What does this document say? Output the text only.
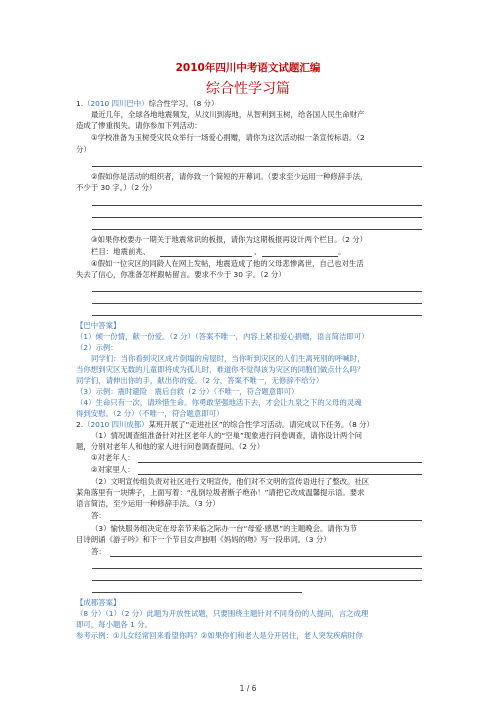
2010年四川中考语文试题汇编
综合性学习篇
1.（2010 四川巴中）综合性学习。（8 分）
最近几年，全球各地地震频发，从汶川到海地，从智利到玉树，给各国人民生命财产
造成了惨重损失。请你参加下列活动：
①学校准备为玉树受灾民众举行一场爱心捐赠，请你为这次活动拟一条宣传标语。（2
分）
②假如你是活动的组织者，请你致一个简短的开幕词。（要求至少运用一种修辞手法，
不少于 30 字。）（2 分）
③如果你校要办一期关于地震常识的板报，请你为这期板报再设计两个栏目。（2 分）
栏目：地震前兆、	、	。
④假如一位灾区的同龄人在网上发帖，地震造成了他的父母悲惨离世，自己也对生活
失去了信心，你准备怎样跟帖留言。要求不少于 30 字。（2 分）
【巴中答案】
（1）倾一份情，献一份爱。（2 分）（答案不唯一，内容上紧扣爱心捐赠，语言简洁即可）
（2）示例：
同学们：当你看到灾区成片倒塌的房屋时，当你听到灾区的人们生离死别的呼喊时，
当你想到灾区无数的儿童即将成为孤儿时，难道你不觉得该为灾区的同胞们做点什么吗？
同学们，请伸出你的手，献出你的爱。（2 分，答案不唯一，无修辞不给分）
（3）示例：震时避险　震后自救（2 分）（不唯一，符合题意即可）
（4）生命只有一次，请珍惜生命。你勇敢坚强地活下去，才会让九泉之下的父母的灵魂
得到安慰。（2 分）（不唯一，符合题意即可）
2.（2010 四川成都）某班开展了“走进社区”的综合性学习活动。请完成以下任务。（8 分）
（1）情况调查組准备针对社区老年人的“空巢”现象进行问卷调查，请你设计两个问
题，分别对老年人和他的家人进行问卷调查提问。（2 分）
①对老年人：
②对家里人：
（2）文明宣传组负责对社区进行文明宣传。他们对不文明的宣传语进行了整改。社区
某角落里有一块牌子，上面写着：“乱倒垃圾者断子绝孙！”请把它改成温馨提示语。要求
语言简洁，至少运用一种修辞手法。（3 分）
答：
（3）愉快服务组决定在母亲节来临之际办一台“母爱·感恩”的主题晚会。请你为节
目诗朗诵《游子吟》和下一个节目女声独唱《妈妈的吻》写一段串词。（3 分）
答：
【成都答案】
（8 分）（1）（2 分）此题为开放性试题，只要围绕主题针对不同身份的人提问，言之成理
即可，每小题各 1 分。
参考示例：①儿女经常回来看望你吗？②如果你们和老人是分开居住，老人突发疾病时你
1 / 6
